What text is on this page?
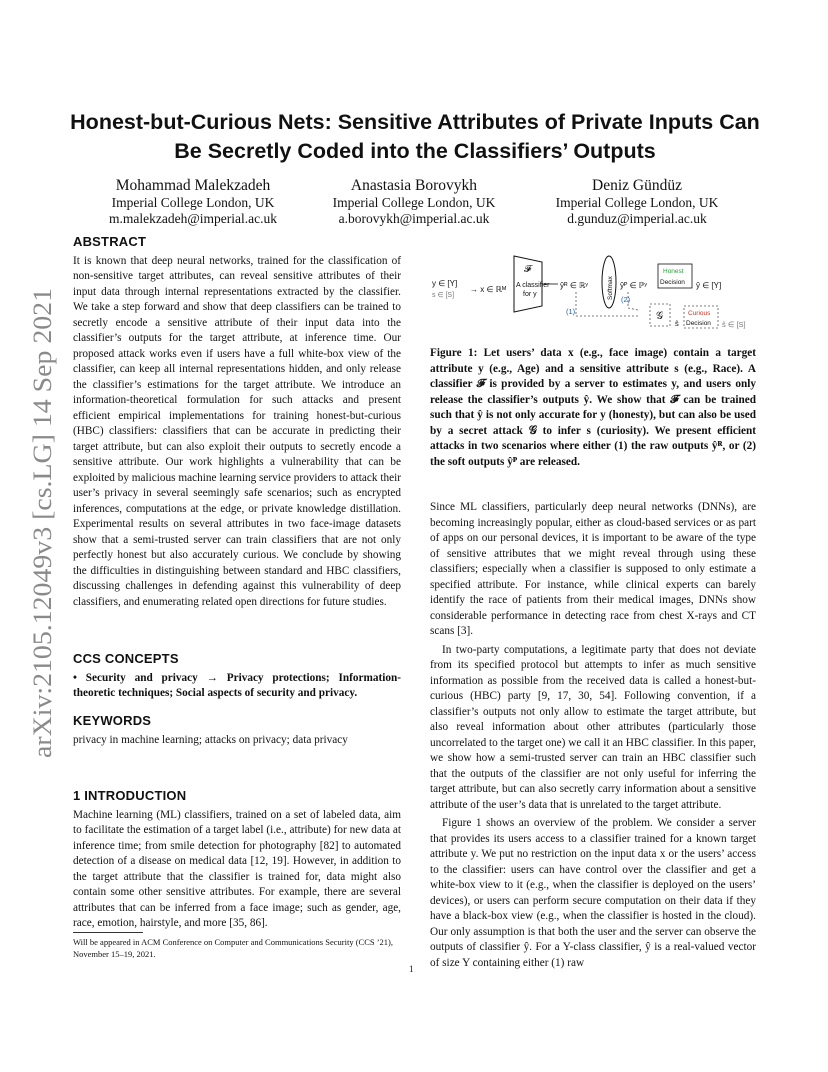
arXiv:2105.12049v3 [cs.LG] 14 Sep 2021
Honest-but-Curious Nets: Sensitive Attributes of Private Inputs Can Be Secretly Coded into the Classifiers’ Outputs
Mohammad Malekzadeh
Imperial College London, UK
m.malekzadeh@imperial.ac.uk
Anastasia Borovykh
Imperial College London, UK
a.borovykh@imperial.ac.uk
Deniz Gündüz
Imperial College London, UK
d.gunduz@imperial.ac.uk
ABSTRACT

It is known that deep neural networks, trained for the classification of non-sensitive target attributes, can reveal sensitive attributes of their input data through internal representations extracted by the classifier. We take a step forward and show that deep classifiers can be trained to secretly encode a sensitive attribute of their input data into the classifier’s outputs for the target attribute, at inference time. Our proposed attack works even if users have a full white-box view of the classifier, can keep all internal representations hidden, and only release the classifier’s estimations for the target attribute. We introduce an information-theoretical formulation for such attacks and present efficient empirical implementations for training honest-but-curious (HBC) classifiers: classifiers that can be accurate in predicting their target attribute, but can also exploit their outputs to secretly encode a sensitive attribute. Our work highlights a vulnerability that can be exploited by malicious machine learning service providers to attack their user’s privacy in several seemingly safe scenarios; such as encrypted inferences, computations at the edge, or private knowledge distillation. Experimental results on several attributes in two face-image datasets show that a semi-trusted server can train classifiers that are not only perfectly honest but also accurately curious. We conclude by showing the difficulties in distinguishing between standard and HBC classifiers, discussing challenges in defending against this vulnerability of deep classifiers, and enumerating related open directions for future studies.

CCS CONCEPTS

• Security and privacy → Privacy protections; Information-theoretic techniques; Social aspects of security and privacy.

KEYWORDS

privacy in machine learning; attacks on privacy; data privacy

1 INTRODUCTION

Machine learning (ML) classifiers, trained on a set of labeled data, aim to facilitate the estimation of a target label (i.e., attribute) for new data at inference time; from smile detection for photography [82] to automated detection of a disease on medical data [12, 19]. However, in addition to the target attribute that the classifier is trained for, data might also contain some other sensitive attributes. For example, there are several attributes that can be inferred from a face image; such as gender, age, race, emotion, hairstyle, and more [35, 86].

Will be appeared in ACM Conference on Computer and Communications Security (CCS ’21), November 15–19, 2021.
1
y ∈ [Y]
s ∈ [S]
→ x ∈ ℝᴹ
𝓕
A classifier
for y
ŷᴿ ∈ ℝʸ	Softmax ŷᴾ ∈ ℙʸ
Honest
Decision ŷ ∈ [Y]
(1)
(2)
𝒢
ŝ
Curious
Decision ŝ ∈ [S]
Figure 1: Let users’ data x (e.g., face image) contain a target attribute y (e.g., Age) and a sensitive attribute s (e.g., Race). A classifier 𝓕 is provided by a server to estimates y, and users only release the classifier’s outputs ŷ. We show that 𝓕 can be trained such that ŷ is not only accurate for y (honesty), but can also be used by a secret attack 𝒢 to infer s (curiosity). We present efficient attacks in two scenarios where either (1) the raw outputs ŷᴿ, or (2) the soft outputs ŷᴾ are released.

Since ML classifiers, particularly deep neural networks (DNNs), are becoming increasingly popular, either as cloud-based services or as part of apps on our personal devices, it is important to be aware of the type of sensitive attributes that we might reveal through using these classifiers; especially when a classifier is supposed to only estimate a specified attribute. For instance, while clinical experts can barely identify the race of patients from their medical images, DNNs show considerable performance in detecting race from chest X-rays and CT scans [3].

In two-party computations, a legitimate party that does not deviate from its specified protocol but attempts to infer as much sensitive information as possible from the received data is called a honest-but-curious (HBC) party [9, 17, 30, 54]. Following convention, if a classifier’s outputs not only allow to estimate the target attribute, but also reveal information about other attributes (particularly those uncorrelated to the target one) we call it an HBC classifier. In this paper, we show how a semi-trusted server can train an HBC classifier such that the outputs of the classifier are not only useful for inferring the target attribute, but can also secretly carry information about a sensitive attribute of the user’s data that is unrelated to the target attribute.

Figure 1 shows an overview of the problem. We consider a server that provides its users access to a classifier trained for a known target attribute y. We put no restriction on the input data x or the users’ access to the classifier: users can have control over the classifier and get a white-box view to it (e.g., when the classifier is deployed on the users’ devices), or users can perform secure computation on their data if they have a black-box view (e.g., when the classifier is hosted in the cloud). Our only assumption is that both the user and the server can observe the outputs of classifier ŷ. For a Y-class classifier, ŷ is a real-valued vector of size Y containing either (1) raw
